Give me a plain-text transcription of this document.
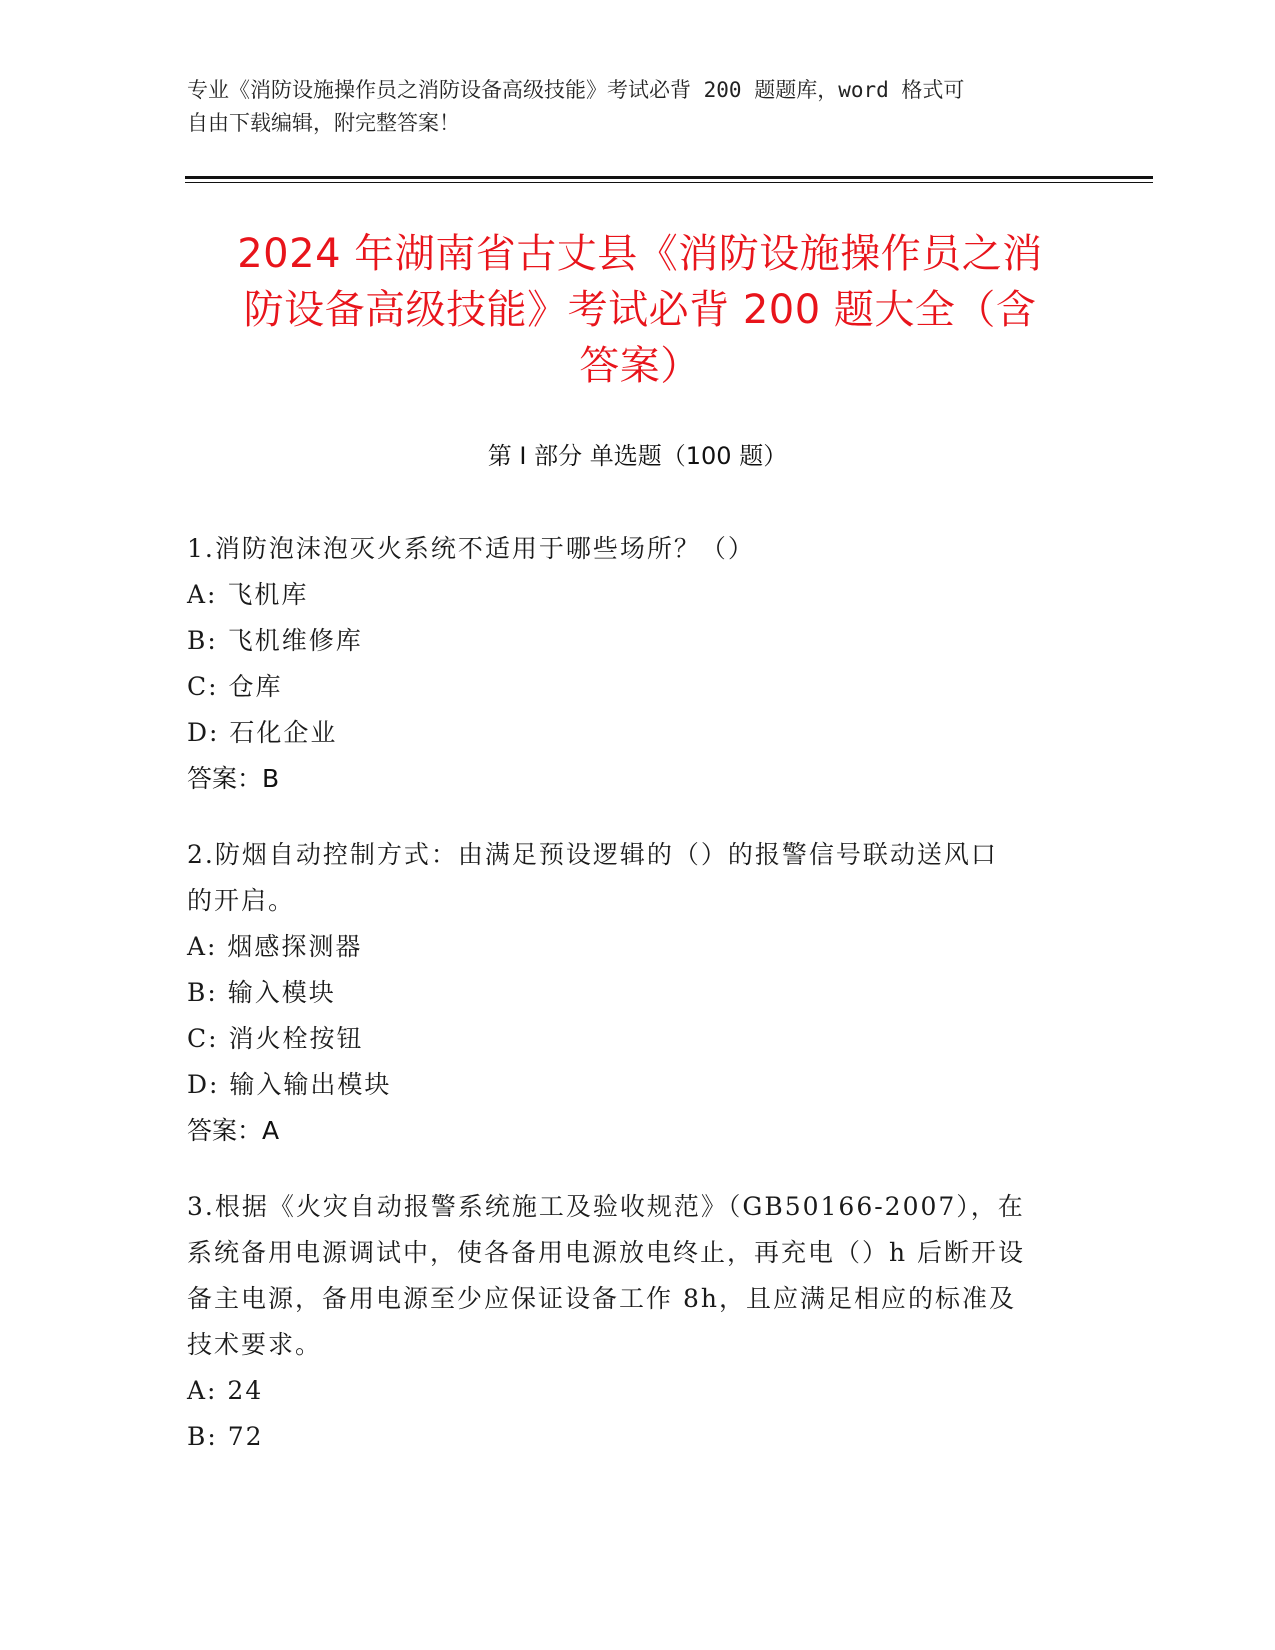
专业《消防设施操作员之消防设备高级技能》考试必背 200 题题库，word 格式可
自由下载编辑，附完整答案！
2024 年湖南省古丈县《消防设施操作员之消
防设备高级技能》考试必背 200 题大全（含
答案）
第 I 部分 单选题（100 题）
1.消防泡沫泡灭火系统不适用于哪些场所？（）
A: 飞机库
B: 飞机维修库
C: 仓库
D: 石化企业
答案：B
2.防烟自动控制方式：由满足预设逻辑的（）的报警信号联动送风口
的开启。
A: 烟感探测器
B: 输入模块
C: 消火栓按钮
D: 输入输出模块
答案：A
3.根据《火灾自动报警系统施工及验收规范》（GB50166-2007），在
系统备用电源调试中，使各备用电源放电终止，再充电（）h 后断开设
备主电源，备用电源至少应保证设备工作 8h，且应满足相应的标准及
技术要求。
A: 24
B: 72
